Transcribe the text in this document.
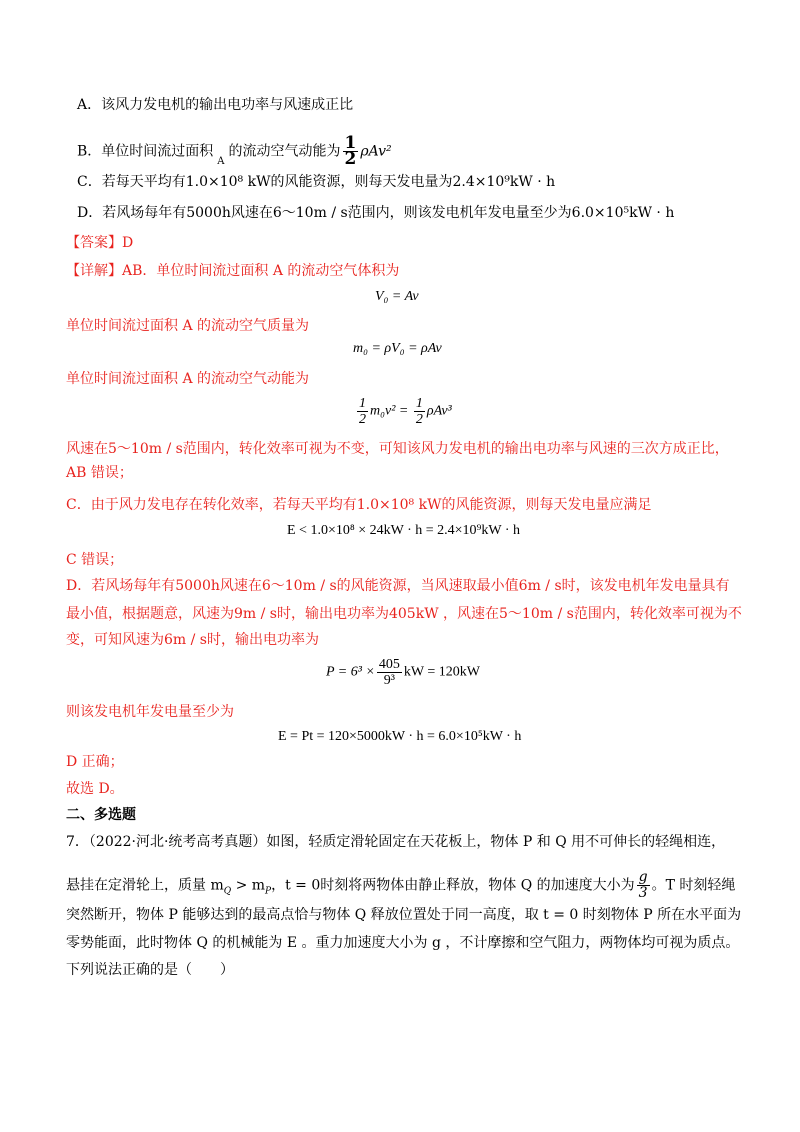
A．该风力发电机的输出电功率与风速成正比
B．单位时间流过面积$_A$的流动空气动能为 $\frac{1}{2} \rho Av^2$
C．若每天平均有1.0×10⁸ kW的风能资源，则每天发电量为2.4×10⁹kW · h
D．若风场每年有5000h风速在6～10m / s范围内，则该发电机年发电量至少为6.0×10⁵kW · h
【答案】D
【详解】AB．单位时间流过面积 A 的流动空气体积为
V₀ = Av
单位时间流过面积 A 的流动空气质量为
m₀ = ρV₀ = ρAv
单位时间流过面积 A 的流动空气动能为
$\frac{1}{2} m_0v^2 = \frac{1}{2} \rho Av^3$
风速在5～10m / s范围内，转化效率可视为不变，可知该风力发电机的输出电功率与风速的三次方成正比，
AB 错误；
C．由于风力发电存在转化效率，若每天平均有1.0×10⁸ kW的风能资源，则每天发电量应满足
E < 1.0×10⁸ × 24kW · h = 2.4×10⁹kW · h
C 错误；
D．若风场每年有5000h风速在6～10m / s的风能资源，当风速取最小值6m / s时，该发电机年发电量具有
最小值，根据题意，风速为9m / s时，输出电功率为405kW ，风速在5～10m / s范围内，转化效率可视为不
变，可知风速为6m / s时，输出电功率为
$P = 6^3 \times \frac{405}{\text{9³}}$ kW = 120kW
则该发电机年发电量至少为
E = Pt = 120×5000kW · h = 6.0×10⁵kW · h
D 正确；
故选 D。
二、多选题
7．（2022·河北·统考高考真题）如图，轻质定滑轮固定在天花板上，物体 P 和 Q 用不可伸长的轻绳相连，
悬挂在定滑轮上，质量 $m_Q > m_P$，t = 0时刻将两物体由静止释放，物体 Q 的加速度大小为 $\frac{g}{3}$ 。T 时刻轻绳
突然断开，物体 P 能够达到的最高点恰与物体 Q 释放位置处于同一高度，取 t = 0 时刻物体 P 所在水平面为
零势能面，此时物体 Q 的机械能为 E 。重力加速度大小为 g ，不计摩擦和空气阻力，两物体均可视为质点。
下列说法正确的是（　　）
